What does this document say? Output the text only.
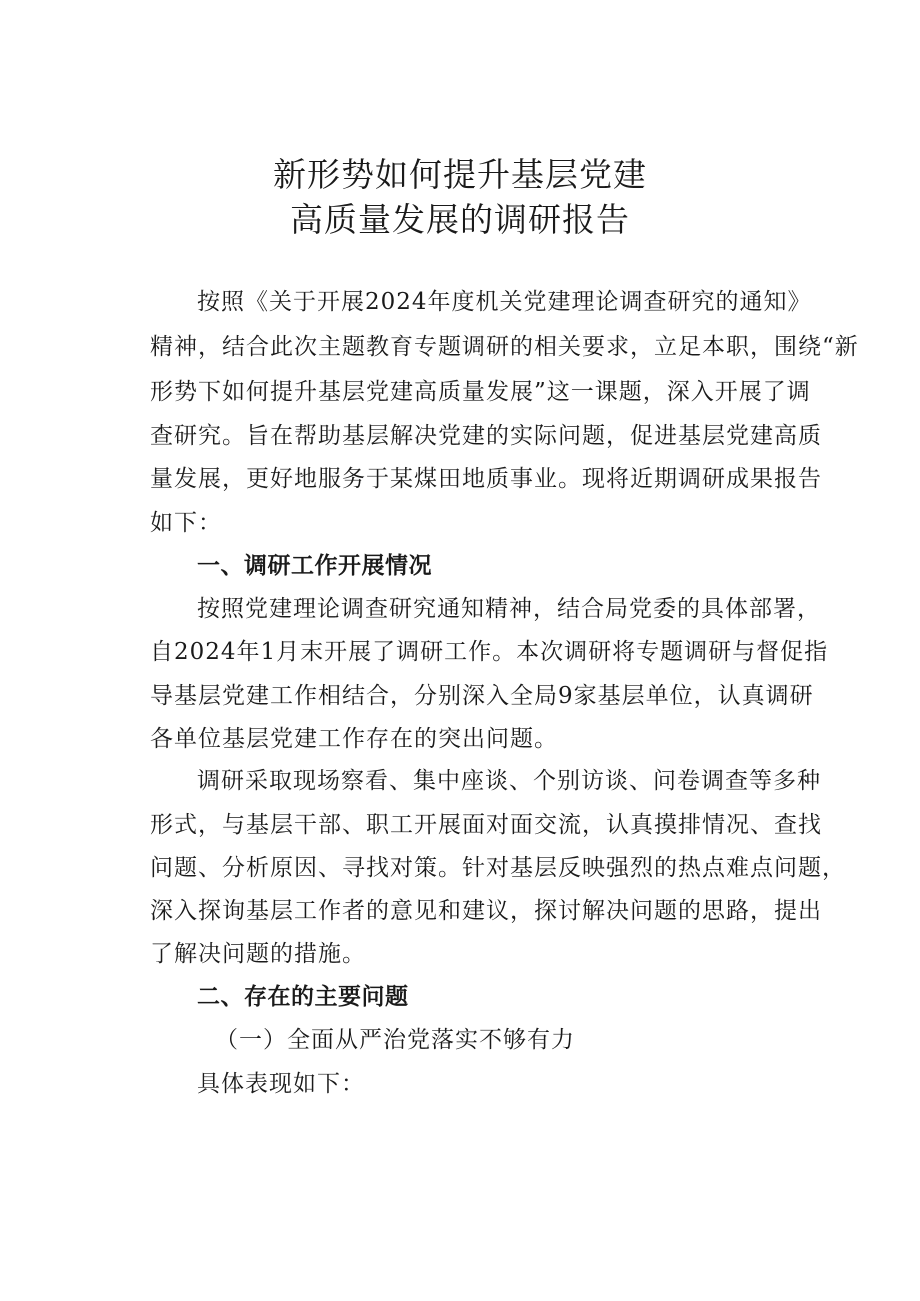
新形势如何提升基层党建
高质量发展的调研报告
按照《关于开展2024年度机关党建理论调查研究的通知》
精神，结合此次主题教育专题调研的相关要求，立足本职，围绕“新
形势下如何提升基层党建高质量发展”这一课题，深入开展了调
查研究。旨在帮助基层解决党建的实际问题，促进基层党建高质
量发展，更好地服务于某煤田地质事业。现将近期调研成果报告
如下：
一、调研工作开展情况
按照党建理论调查研究通知精神，结合局党委的具体部署，
自2024年1月末开展了调研工作。本次调研将专题调研与督促指
导基层党建工作相结合，分别深入全局9家基层单位，认真调研
各单位基层党建工作存在的突出问题。
调研采取现场察看、集中座谈、个别访谈、问卷调查等多种
形式，与基层干部、职工开展面对面交流，认真摸排情况、查找
问题、分析原因、寻找对策。针对基层反映强烈的热点难点问题，
深入探询基层工作者的意见和建议，探讨解决问题的思路，提出
了解决问题的措施。
二、存在的主要问题
（一）全面从严治党落实不够有力
具体表现如下：
